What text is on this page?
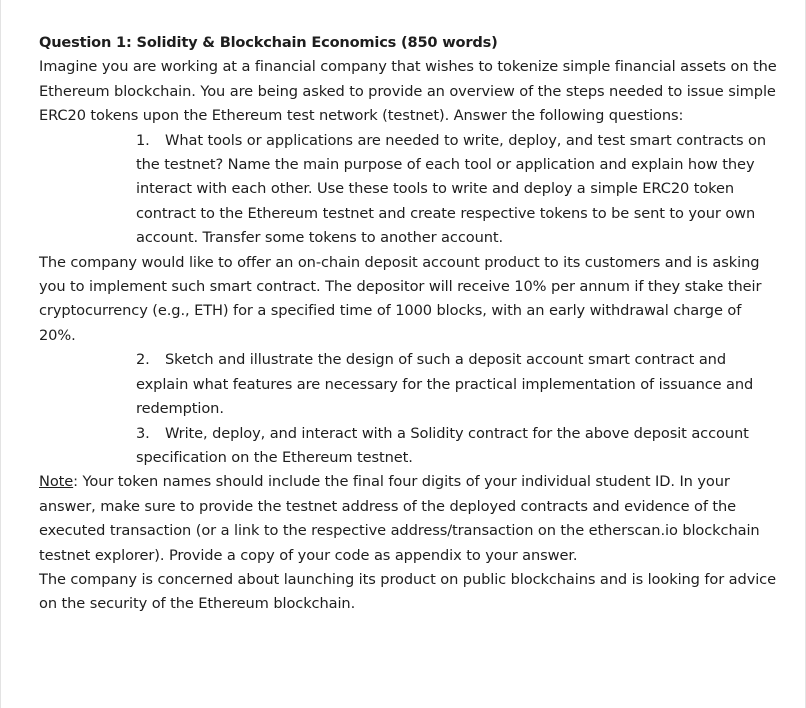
Question 1: Solidity & Blockchain Economics (850 words)

Imagine you are working at a financial company that wishes to tokenize simple financial assets on the Ethereum blockchain. You are being asked to provide an overview of the steps needed to issue simple ERC20 tokens upon the Ethereum test network (testnet). Answer the following questions:

1. What tools or applications are needed to write, deploy, and test smart contracts on the testnet? Name the main purpose of each tool or application and explain how they interact with each other. Use these tools to write and deploy a simple ERC20 token contract to the Ethereum testnet and create respective tokens to be sent to your own account. Transfer some tokens to another account.

The company would like to offer an on-chain deposit account product to its customers and is asking you to implement such smart contract. The depositor will receive 10% per annum if they stake their cryptocurrency (e.g., ETH) for a specified time of 1000 blocks, with an early withdrawal charge of 20%.

2. Sketch and illustrate the design of such a deposit account smart contract and explain what features are necessary for the practical implementation of issuance and redemption.

3. Write, deploy, and interact with a Solidity contract for the above deposit account specification on the Ethereum testnet.

Note: Your token names should include the final four digits of your individual student ID. In your answer, make sure to provide the testnet address of the deployed contracts and evidence of the executed transaction (or a link to the respective address/transaction on the etherscan.io blockchain testnet explorer). Provide a copy of your code as appendix to your answer.

The company is concerned about launching its product on public blockchains and is looking for advice on the security of the Ethereum blockchain.
